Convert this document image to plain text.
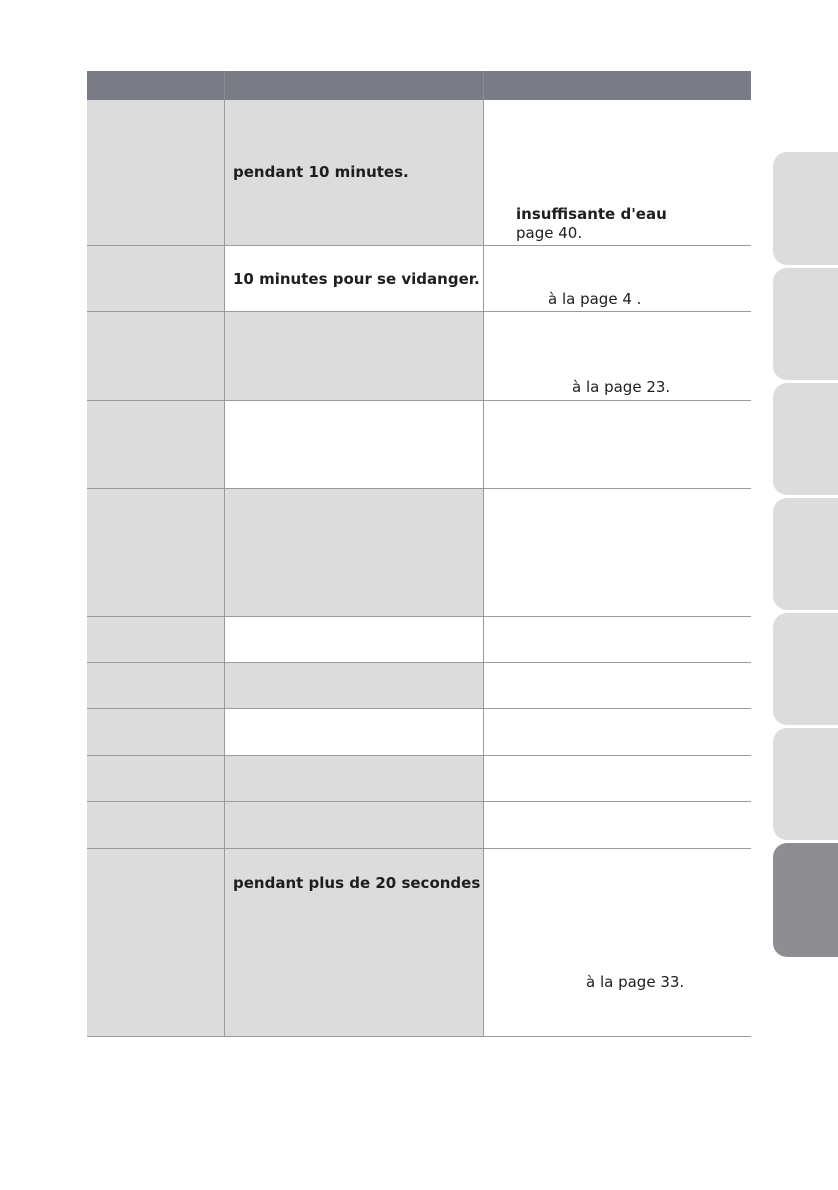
pendant 10 minutes.
insuffisante d'eau
page 40.
10 minutes pour se vidanger.
à la page 4 .
à la page 23.
pendant plus de 20 secondes
à la page 33.
